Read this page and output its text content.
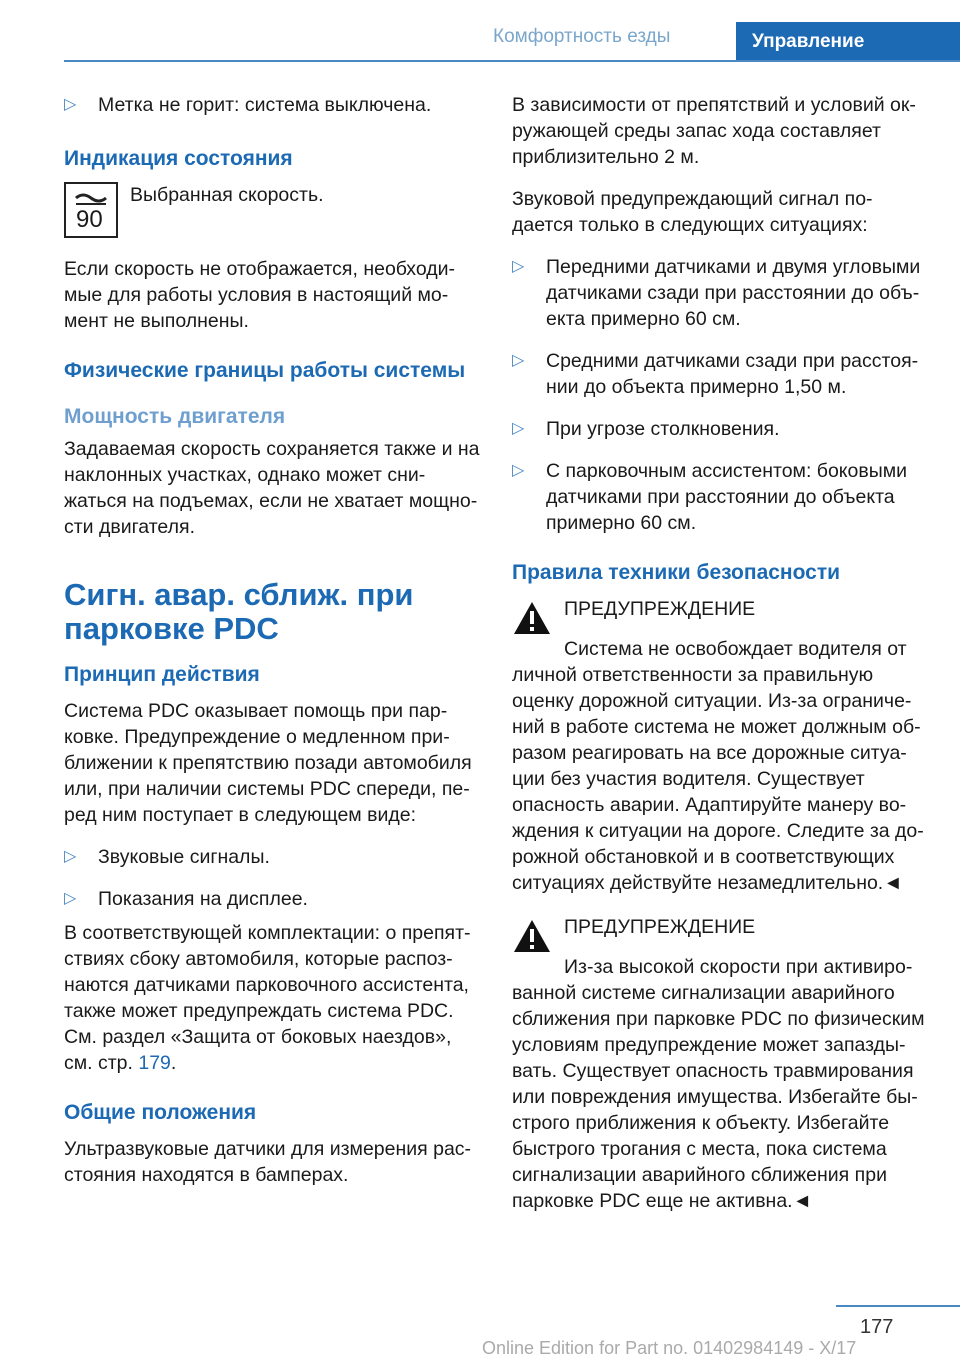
Комфортность езды	Управление
▷ Метка не горит: система выключена.
Индикация состояния
90
Выбранная скорость.

Если скорость не отображается, необходи‐ мые для работы условия в настоящий мо‐ мент не выполнены.

Физические границы работы системы
Мощность двигателя

Задаваемая скорость сохраняется также и на наклонных участках, однако может сни‐ жаться на подъемах, если не хватает мощно‐ сти двигателя.

Сигн. авар. сближ. при парковке PDC
Принцип действия

Система PDC оказывает помощь при пар‐ ковке. Предупреждение о медленном при‐ ближении к препятствию позади автомобиля или, при наличии системы PDC спереди, пе‐ ред ним поступает в следующем виде:

▷ Звуковые сигналы.
▷ Показания на дисплее.

В соответствующей комплектации: о препят‐ ствиях сбоку автомобиля, которые распоз‐ наются датчиками парковочного ассистента, также может предупреждать система PDC. См. раздел «Защита от боковых наездов», см. стр. 179.

Общие положения

Ультразвуковые датчики для измерения рас‐ стояния находятся в бамперах.

В зависимости от препятствий и условий ок‐ ружающей среды запас хода составляет приблизительно 2 м.

Звуковой предупреждающий сигнал по‐ дается только в следующих ситуациях:

▷ Передними датчиками и двумя угловыми датчиками сзади при расстоянии до объ‐ екта примерно 60 см.
▷ Средними датчиками сзади при расстоя‐ нии до объекта примерно 1,50 м.
▷ При угрозе столкновения.
▷ С парковочным ассистентом: боковыми датчиками при расстоянии до объекта примерно 60 см.
Правила техники безопасности
ПРЕДУПРЕЖДЕНИЕ
Система не освобождает водителя от личной ответственности за правильную оценку дорожной ситуации. Из-за ограниче‐ ний в работе система не может должным об‐ разом реагировать на все дорожные ситуа‐ ции без участия водителя. Существует опасность аварии. Адаптируйте манеру во‐ ждения к ситуации на дороге. Следите за до‐ рожной обстановкой и в соответствующих ситуациях действуйте незамедлительно.◄
ПРЕДУПРЕЖДЕНИЕ
Из-за высокой скорости при активиро‐ ванной системе сигнализации аварийного сближения при парковке PDC по физическим условиям предупреждение может запазды‐ вать. Существует опасность травмирования или повреждения имущества. Избегайте бы‐ строго приближения к объекту. Избегайте быстрого трогания с места, пока система сигнализации аварийного сближения при парковке PDC еще не активна.◄
177
Online Edition for Part no. 01402984149 - X/17
